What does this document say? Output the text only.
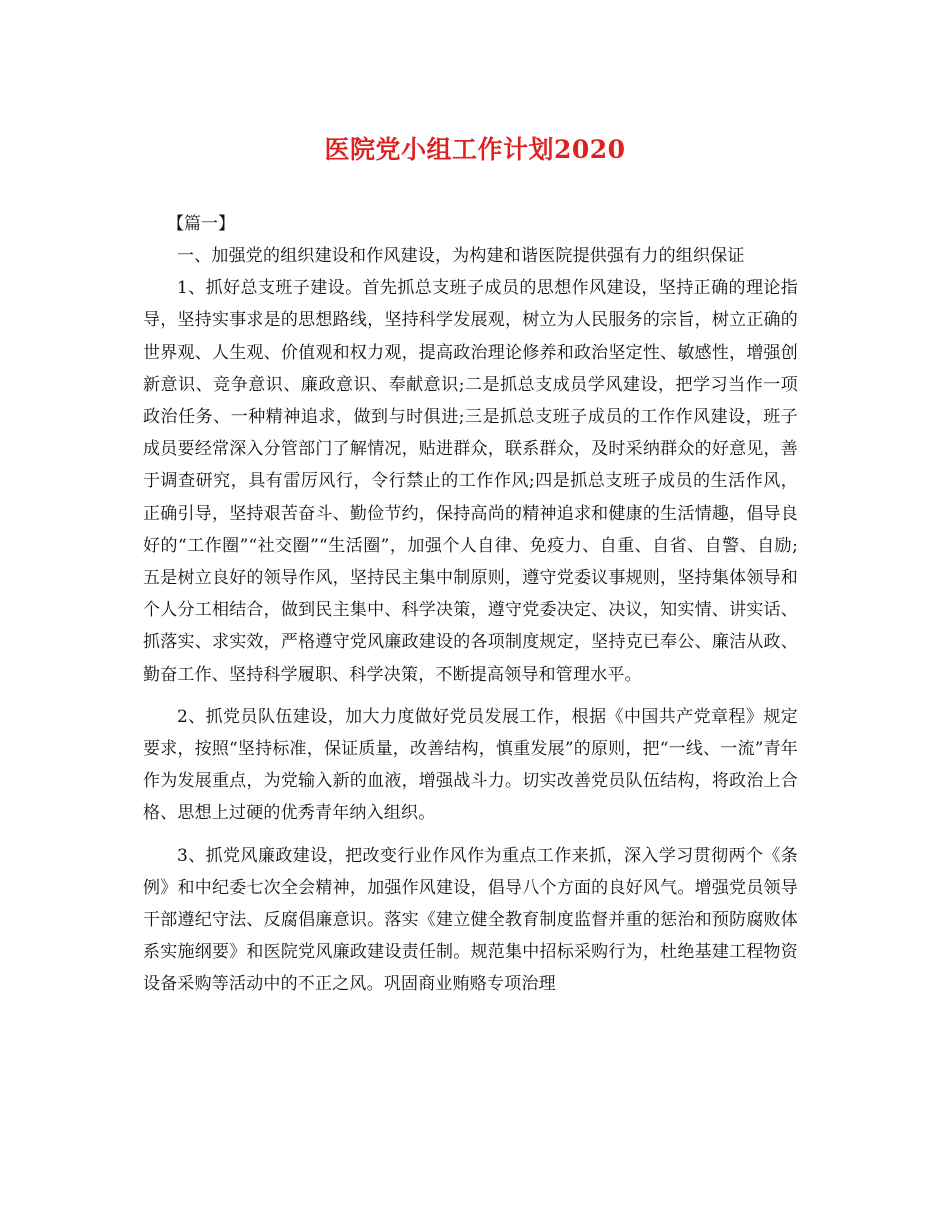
医院党小组工作计划2020

【篇一】

一、加强党的组织建设和作风建设，为构建和谐医院提供强有力的组织保证

1、抓好总支班子建设。首先抓总支班子成员的思想作风建设，坚持正确的理论指导，坚持实事求是的思想路线，坚持科学发展观，树立为人民服务的宗旨，树立正确的世界观、人生观、价值观和权力观，提高政治理论修养和政治坚定性、敏感性，增强创新意识、竞争意识、廉政意识、奉献意识;二是抓总支成员学风建设，把学习当作一项政治任务、一种精神追求，做到与时俱进;三是抓总支班子成员的工作作风建设，班子成员要经常深入分管部门了解情况，贴进群众，联系群众，及时采纳群众的好意见，善于调查研究，具有雷厉风行，令行禁止的工作作风;四是抓总支班子成员的生活作风，正确引导，坚持艰苦奋斗、勤俭节约，保持高尚的精神追求和健康的生活情趣，倡导良好的“工作圈”“社交圈”“生活圈”，加强个人自律、免疫力、自重、自省、自警、自励;五是树立良好的领导作风，坚持民主集中制原则，遵守党委议事规则，坚持集体领导和个人分工相结合，做到民主集中、科学决策，遵守党委决定、决议，知实情、讲实话、抓落实、求实效，严格遵守党风廉政建设的各项制度规定，坚持克已奉公、廉洁从政、勤奋工作、坚持科学履职、科学决策，不断提高领导和管理水平。

2、抓党员队伍建设，加大力度做好党员发展工作，根据《中国共产党章程》规定要求，按照“坚持标准，保证质量，改善结构，慎重发展”的原则，把“一线、一流”青年作为发展重点，为党输入新的血液，增强战斗力。切实改善党员队伍结构，将政治上合格、思想上过硬的优秀青年纳入组织。

3、抓党风廉政建设，把改变行业作风作为重点工作来抓，深入学习贯彻两个《条例》和中纪委七次全会精神，加强作风建设，倡导八个方面的良好风气。增强党员领导干部遵纪守法、反腐倡廉意识。落实《建立健全教育制度监督并重的惩治和预防腐败体系实施纲要》和医院党风廉政建设责任制。规范集中招标采购行为，杜绝基建工程物资设备采购等活动中的不正之风。巩固商业贿赂专项治理
